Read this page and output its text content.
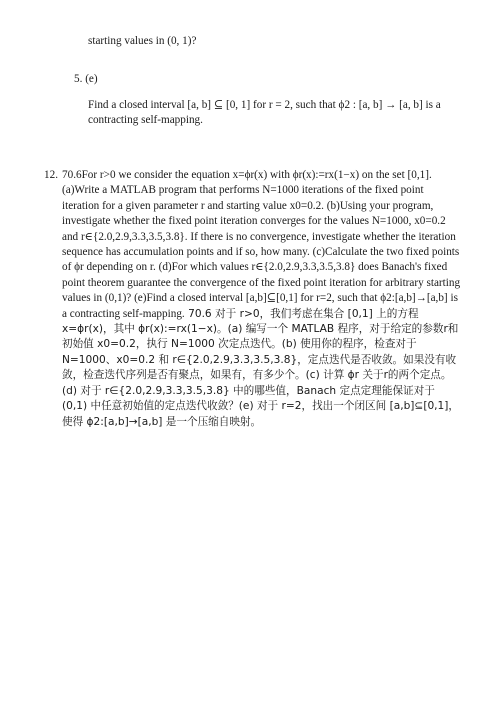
starting values in (0, 1)?

5. (e)

Find a closed interval [a, b] ⊆ [0, 1] for r = 2, such that ϕ2 : [a, b] → [a, b] is a contracting self-mapping.

12. 70.6For r>0 we consider the equation x=ϕr(x) with ϕr(x):=rx(1−x) on the set [0,1]. (a)Write a MATLAB program that performs N=1000 iterations of the fixed point iteration for a given parameter r and starting value x0=0.2. (b)Using your program, investigate whether the fixed point iteration converges for the values N=1000, x0=0.2 and r∈{2.0,2.9,3.3,3.5,3.8}. If there is no convergence, investigate whether the iteration sequence has accumulation points and if so, how many. (c)Calculate the two fixed points of ϕr depending on r. (d)For which values r∈{2.0,2.9,3.3,3.5,3.8} does Banach's fixed point theorem guarantee the convergence of the fixed point iteration for arbitrary starting values in (0,1)? (e)Find a closed interval [a,b]⊆[0,1] for r=2, such that ϕ2:[a,b]→[a,b] is a contracting self-mapping. 70.6 对于 r>0，我们考虑在集合 [0,1] 上的方程 x=ϕr(x)，其中 ϕr(x):=rx(1−x)。(a) 编写一个 MATLAB 程序，对于给定的参数r和初始值 x0=0.2，执行 N=1000 次定点迭代。(b) 使用你的程序，检查对于 N=1000、x0=0.2 和 r∈{2.0,2.9,3.3,3.5,3.8}，定点迭代是否收敛。如果没有收敛，检查迭代序列是否有聚点，如果有，有多少个。(c) 计算 ϕr 关于r的两个定点。(d) 对于 r∈{2.0,2.9,3.3,3.5,3.8} 中的哪些值，Banach 定点定理能保证对于 (0,1) 中任意初始值的定点迭代收敛？(e) 对于 r=2，找出一个闭区间 [a,b]⊆[0,1]，使得 ϕ2:[a,b]→[a,b] 是一个压缩自映射。
